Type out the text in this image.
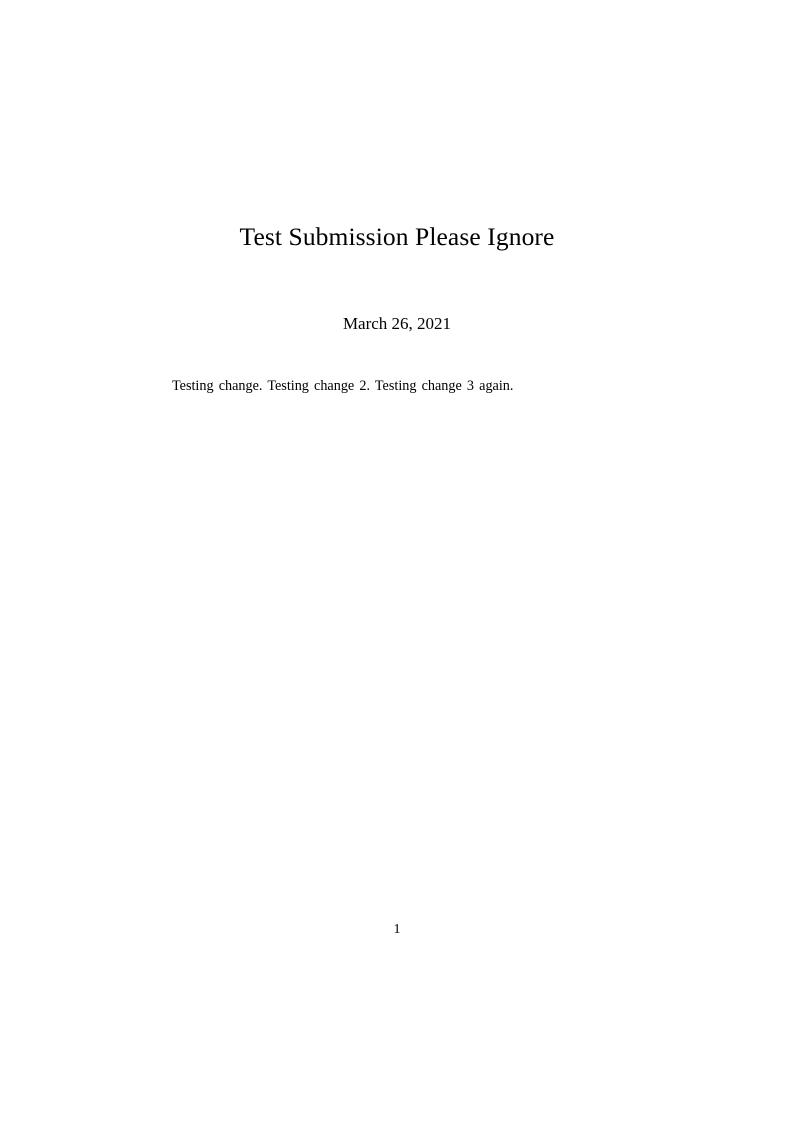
Test Submission Please Ignore
March 26, 2021

Testing change. Testing change 2. Testing change 3 again.

1
